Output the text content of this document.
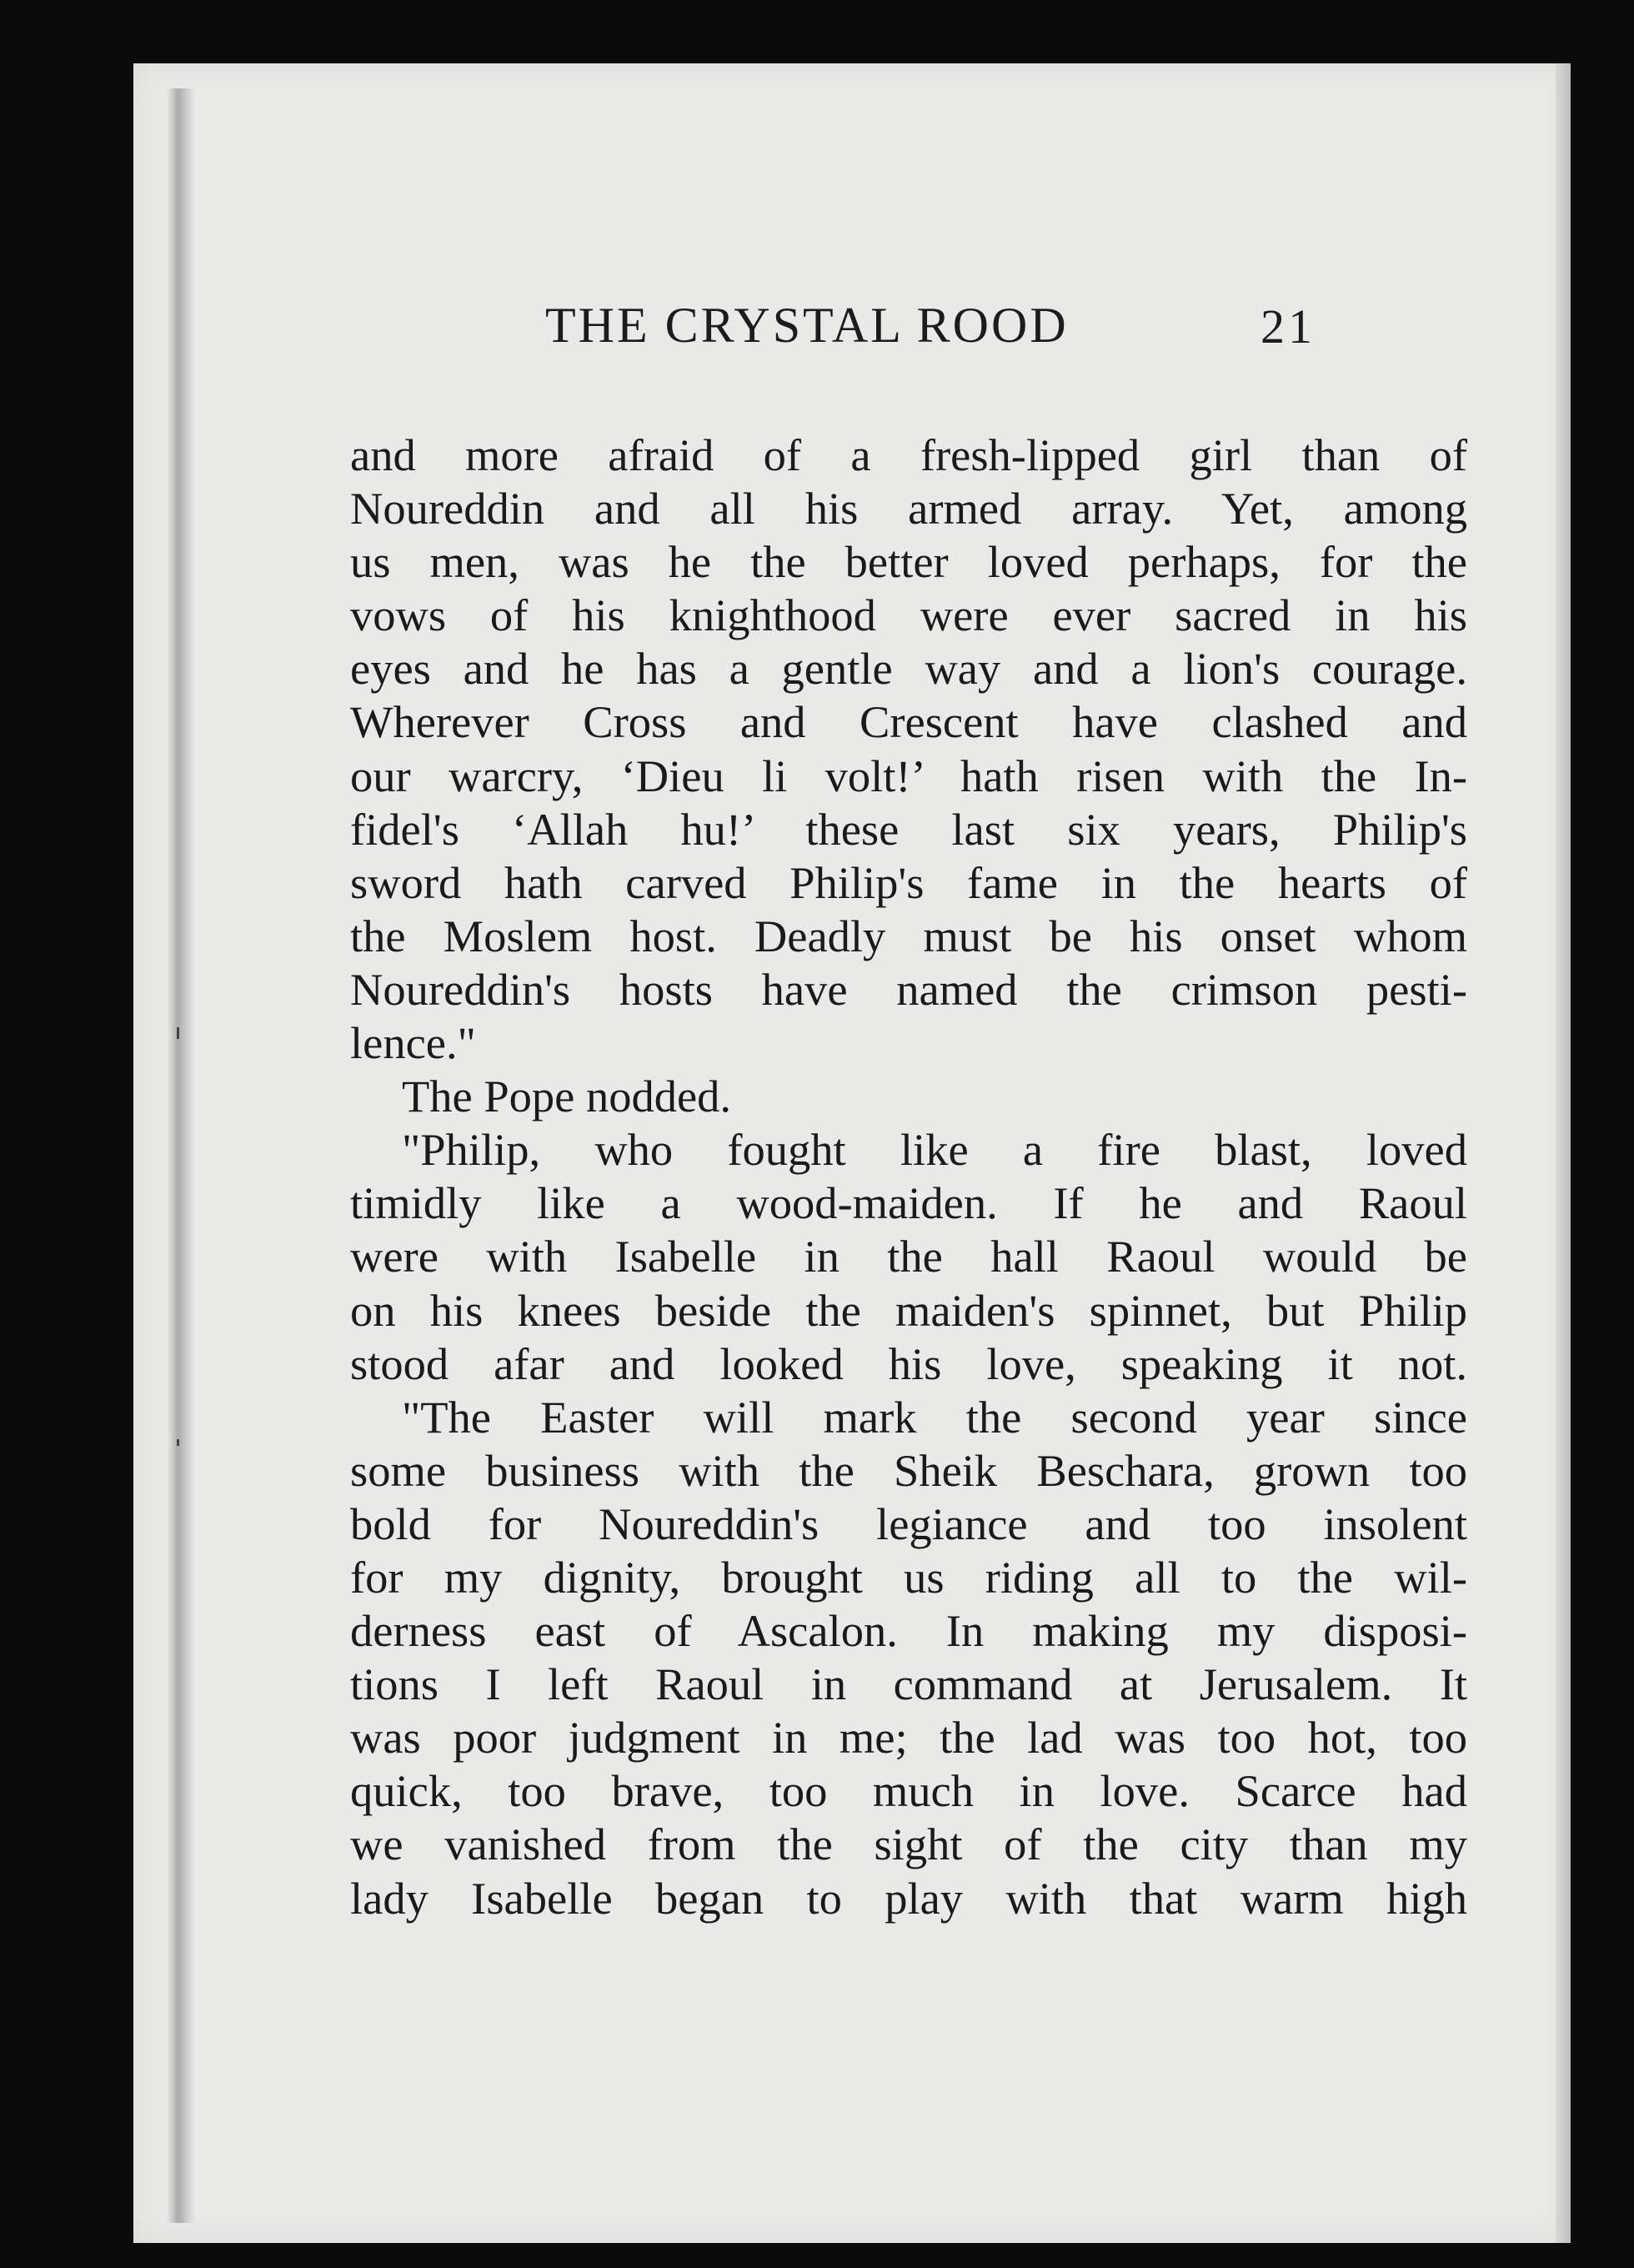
THE CRYSTAL ROOD	21
and more afraid of a fresh-lipped girl than of
Noureddin and all his armed array. Yet, among
us men, was he the better loved perhaps, for the
vows of his knighthood were ever sacred in his
eyes and he has a gentle way and a lion's courage.
Wherever Cross and Crescent have clashed and
our warcry, ‘Dieu li volt!’ hath risen with the In-
fidel's ‘Allah hu!’ these last six years, Philip's
sword hath carved Philip's fame in the hearts of
the Moslem host. Deadly must be his onset whom
Noureddin's hosts have named the crimson pesti-
lence."
The Pope nodded.
"Philip, who fought like a fire blast, loved
timidly like a wood-maiden. If he and Raoul
were with Isabelle in the hall Raoul would be
on his knees beside the maiden's spinnet, but Philip
stood afar and looked his love, speaking it not.
"The Easter will mark the second year since
some business with the Sheik Beschara, grown too
bold for Noureddin's legiance and too insolent
for my dignity, brought us riding all to the wil-
derness east of Ascalon. In making my disposi-
tions I left Raoul in command at Jerusalem. It
was poor judgment in me; the lad was too hot, too
quick, too brave, too much in love. Scarce had
we vanished from the sight of the city than my
lady Isabelle began to play with that warm high
